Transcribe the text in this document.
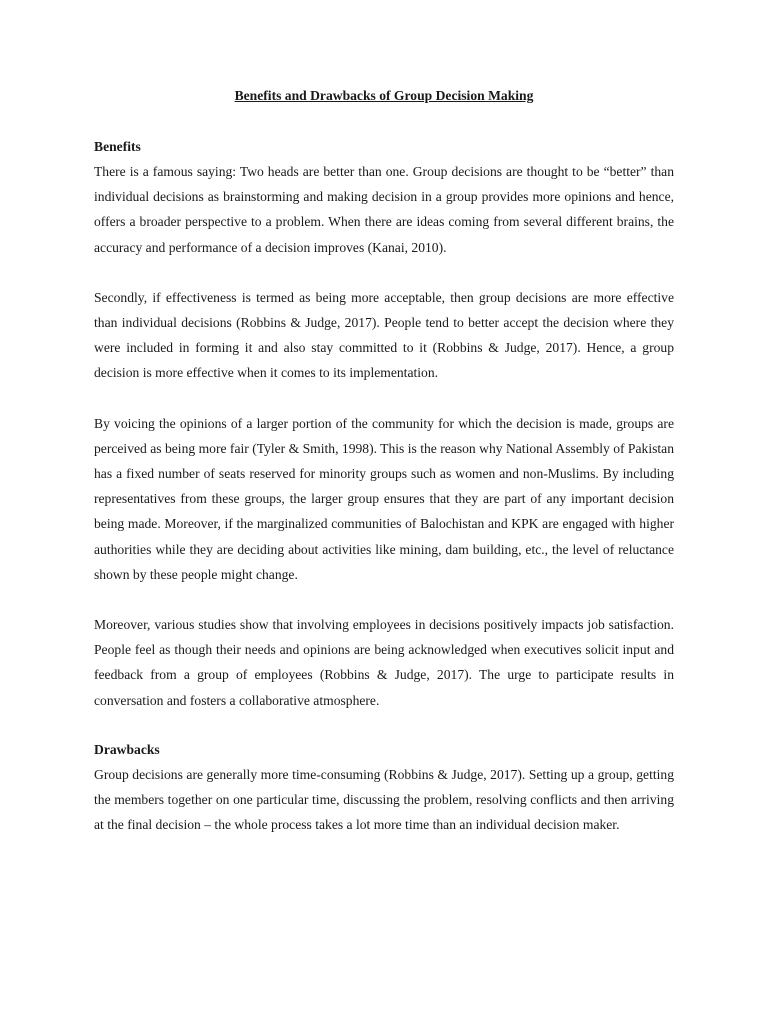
Benefits and Drawbacks of Group Decision Making
Benefits

There is a famous saying: Two heads are better than one. Group decisions are thought to be “better” than individual decisions as brainstorming and making decision in a group provides more opinions and hence, offers a broader perspective to a problem. When there are ideas coming from several different brains, the accuracy and performance of a decision improves (Kanai, 2010).

Secondly, if effectiveness is termed as being more acceptable, then group decisions are more effective than individual decisions (Robbins & Judge, 2017). People tend to better accept the decision where they were included in forming it and also stay committed to it (Robbins & Judge, 2017). Hence, a group decision is more effective when it comes to its implementation.

By voicing the opinions of a larger portion of the community for which the decision is made, groups are perceived as being more fair (Tyler & Smith, 1998). This is the reason why National Assembly of Pakistan has a fixed number of seats reserved for minority groups such as women and non-Muslims. By including representatives from these groups, the larger group ensures that they are part of any important decision being made. Moreover, if the marginalized communities of Balochistan and KPK are engaged with higher authorities while they are deciding about activities like mining, dam building, etc., the level of reluctance shown by these people might change.

Moreover, various studies show that involving employees in decisions positively impacts job satisfaction. People feel as though their needs and opinions are being acknowledged when executives solicit input and feedback from a group of employees (Robbins & Judge, 2017). The urge to participate results in conversation and fosters a collaborative atmosphere.

Drawbacks

Group decisions are generally more time-consuming (Robbins & Judge, 2017). Setting up a group, getting the members together on one particular time, discussing the problem, resolving conflicts and then arriving at the final decision – the whole process takes a lot more time than an individual decision maker.
